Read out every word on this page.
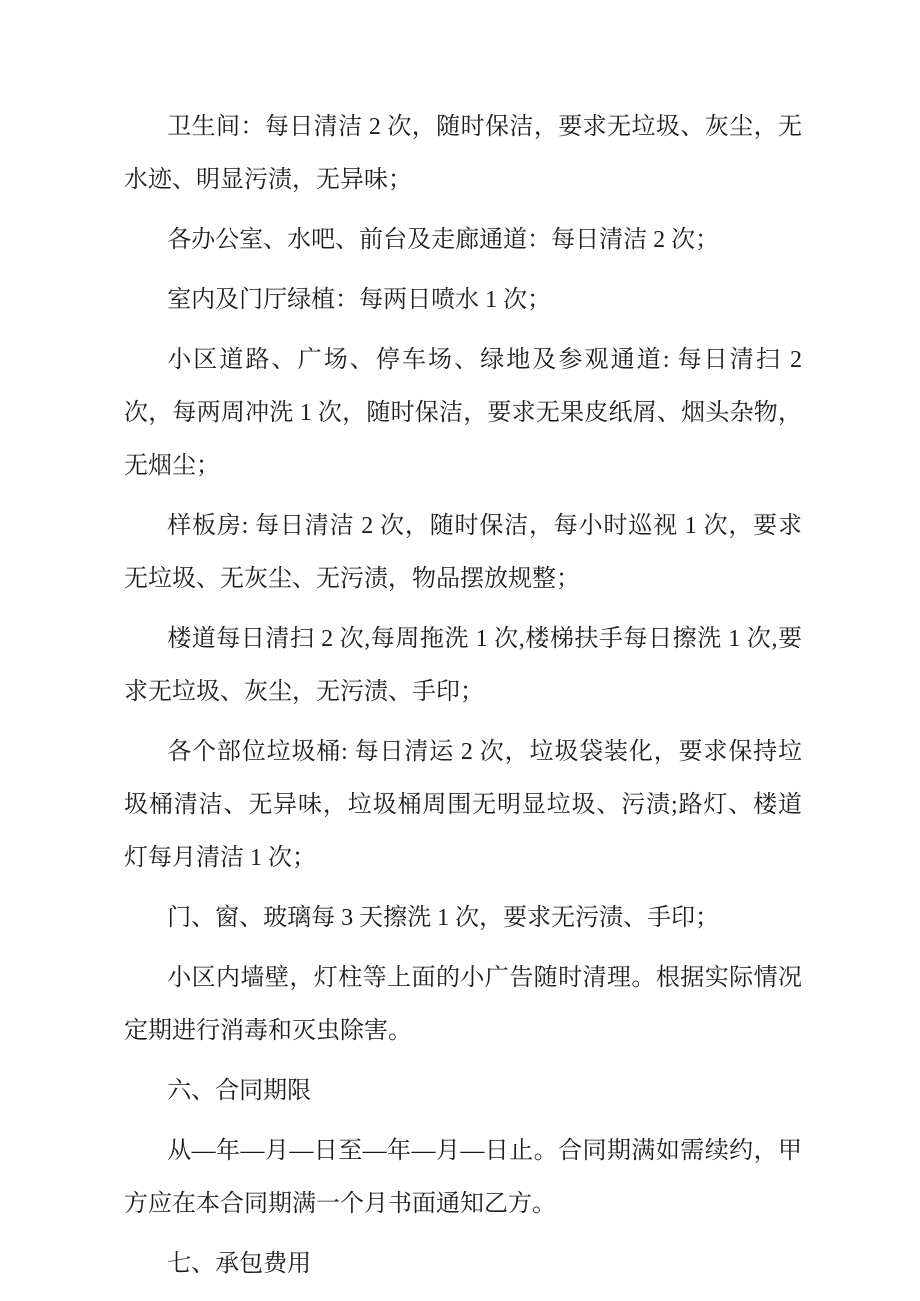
卫生间：每日清洁 2 次，随时保洁，要求无垃圾、灰尘，无水迹、明显污渍，无异味；

各办公室、水吧、前台及走廊通道：每日清洁 2 次；

室内及门厅绿植：每两日喷水 1 次；

小区道路、广场、停车场、绿地及参观通道: 每日清扫 2 次，每两周冲洗 1 次，随时保洁，要求无果皮纸屑、烟头杂物，无烟尘；

样板房: 每日清洁 2 次，随时保洁，每小时巡视 1 次，要求无垃圾、无灰尘、无污渍，物品摆放规整；

楼道每日清扫 2 次,每周拖洗 1 次,楼梯扶手每日擦洗 1 次,要求无垃圾、灰尘，无污渍、手印；

各个部位垃圾桶: 每日清运 2 次，垃圾袋装化，要求保持垃圾桶清洁、无异味，垃圾桶周围无明显垃圾、污渍;路灯、楼道灯每月清洁 1 次；

门、窗、玻璃每 3 天擦洗 1 次，要求无污渍、手印；

小区内墙壁，灯柱等上面的小广告随时清理。根据实际情况定期进行消毒和灭虫除害。

六、合同期限

从—年—月—日至—年—月—日止。合同期满如需续约，甲方应在本合同期满一个月书面通知乙方。

七、承包费用
